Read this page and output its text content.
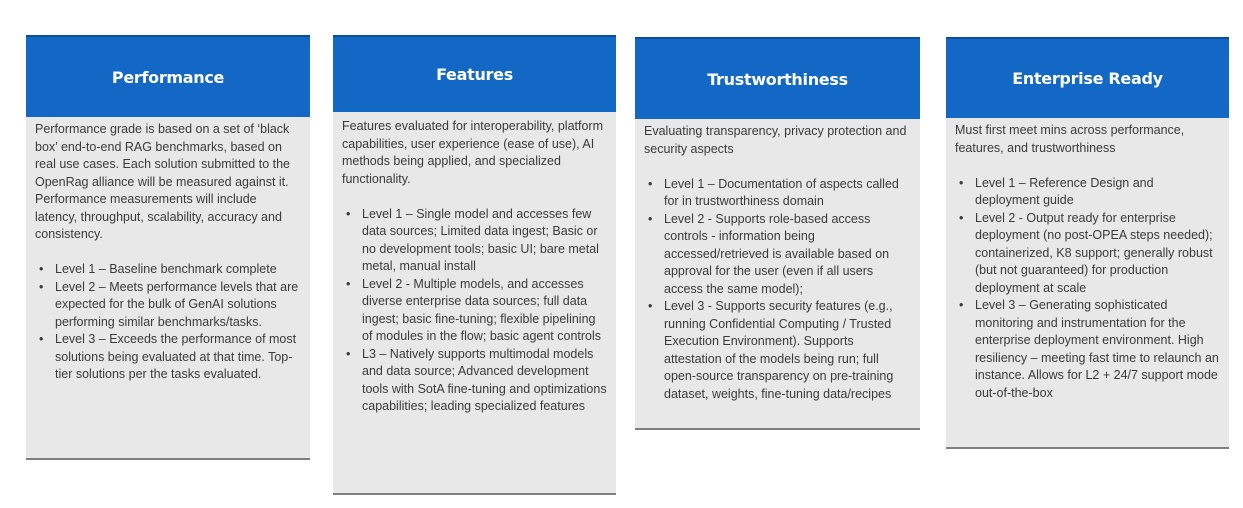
Performance

Performance grade is based on a set of ‘black box’ end-to-end RAG benchmarks, based on real use cases. Each solution submitted to the OpenRag alliance will be measured against it. Performance measurements will include latency, throughput, scalability, accuracy and consistency.

• Level 1 – Baseline benchmark complete
• Level 2 – Meets performance levels that are expected for the bulk of GenAI solutions performing similar benchmarks/tasks.
• Level 3 – Exceeds the performance of most solutions being evaluated at that time. Top-tier solutions per the tasks evaluated.
Features

Features evaluated for interoperability, platform capabilities, user experience (ease of use), AI methods being applied, and specialized functionality.

• Level 1 – Single model and accesses few data sources; Limited data ingest; Basic or no development tools; basic UI; bare metal metal, manual install
• Level 2 - Multiple models, and accesses diverse enterprise data sources; full data ingest; basic fine-tuning; flexible pipelining of modules in the flow; basic agent controls
• L3 – Natively supports multimodal models and data source; Advanced development tools with SotA fine-tuning and optimizations capabilities; leading specialized features
Trustworthiness

Evaluating transparency, privacy protection and security aspects

• Level 1 – Documentation of aspects called for in trustworthiness domain
• Level 2 - Supports role-based access controls - information being accessed/retrieved is available based on approval for the user (even if all users access the same model);
• Level 3 - Supports security features (e.g., running Confidential Computing / Trusted Execution Environment). Supports attestation of the models being run; full open-source transparency on pre-training dataset, weights, fine-tuning data/recipes
Enterprise Ready

Must first meet mins across performance, features, and trustworthiness

• Level 1 – Reference Design and deployment guide
• Level 2 - Output ready for enterprise deployment (no post-OPEA steps needed); containerized, K8 support; generally robust (but not guaranteed) for production deployment at scale
• Level 3 – Generating sophisticated monitoring and instrumentation for the enterprise deployment environment. High resiliency – meeting fast time to relaunch an instance. Allows for L2 + 24/7 support mode out-of-the-box
